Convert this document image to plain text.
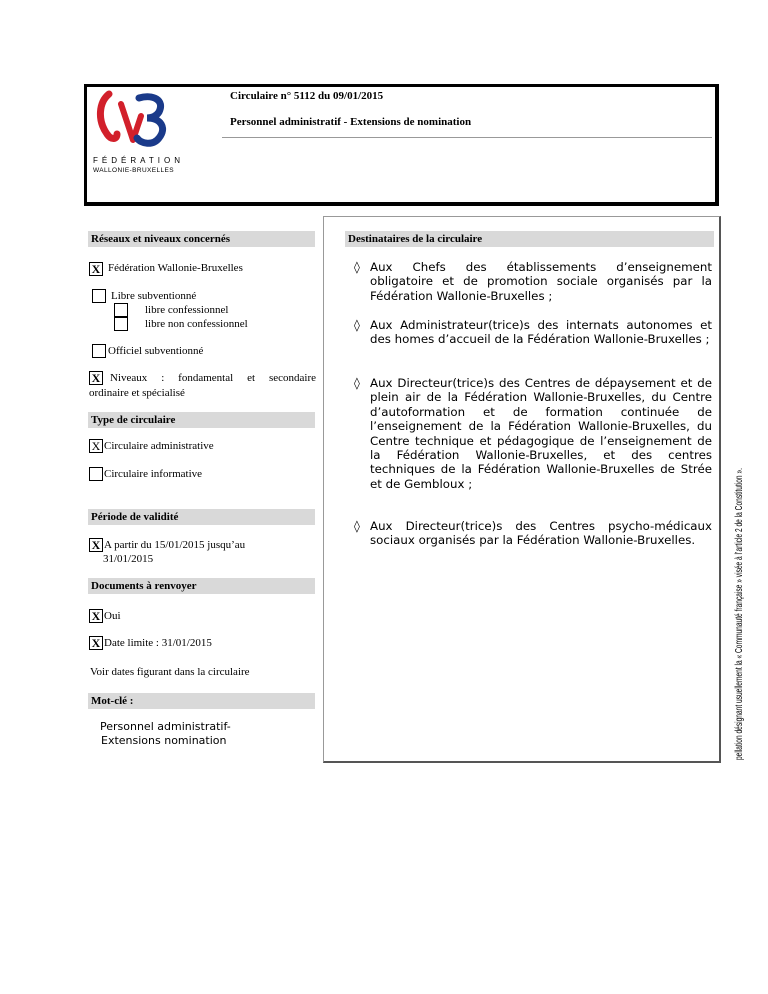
FÉDÉRATION
WALLONIE-BRUXELLES
Circulaire n° 5112 du 09/01/2015
Personnel administratif - Extensions de nomination
Réseaux et niveaux concernés
X Fédération Wallonie-Bruxelles
Libre subventionné
libre confessionnel
libre non confessionnel
Officiel subventionné
X Niveaux : fondamental et secondaire
ordinaire et spécialisé
Type de circulaire
X Circulaire administrative
Circulaire informative
Période de validité
X A partir du 15/01/2015 jusqu’au
31/01/2015
Documents à renvoyer
X Oui
X Date limite : 31/01/2015
Voir dates figurant dans la circulaire
Mot-clé :
Personnel administratif-
Extensions nomination
Destinataires de la circulaire
◊ Aux Chefs des établissements d’enseignement obligatoire et de promotion sociale organisés par la Fédération Wallonie-Bruxelles ;
◊ Aux Administrateur(trice)s des internats autonomes et des homes d’accueil de la Fédération Wallonie-Bruxelles ;
◊ Aux Directeur(trice)s des Centres de dépaysement et de plein air de la Fédération Wallonie-Bruxelles, du Centre d’autoformation et de formation continuée de l’enseignement de la Fédération Wallonie-Bruxelles, du Centre technique et pédagogique de l’enseignement de la Fédération Wallonie-Bruxelles, et des centres techniques de la Fédération Wallonie-Bruxelles de Strée et de Gembloux ;
◊ Aux Directeur(trice)s des Centres psycho-médicaux sociaux organisés par la Fédération Wallonie-Bruxelles.	pellation désignant usuellement la « Communauté française » visée à l’article 2 de la Constitution ».
